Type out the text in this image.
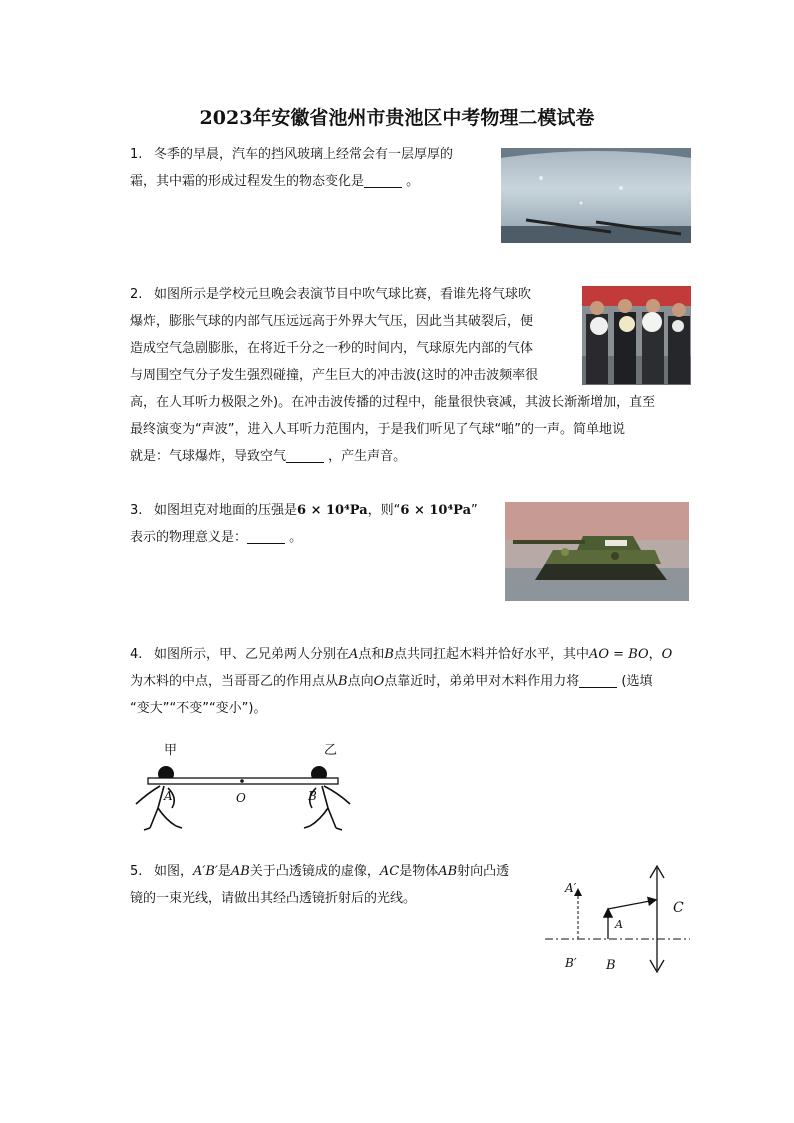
2023年安徽省池州市贵池区中考物理二模试卷
1. 冬季的早晨，汽车的挡风玻璃上经常会有一层厚厚的
霜，其中霜的形成过程发生的物态变化是	。
2. 如图所示是学校元旦晚会表演节目中吹气球比赛，看谁先将气球吹
爆炸，膨胀气球的内部气压远远高于外界大气压，因此当其破裂后，便
造成空气急剧膨胀，在将近千分之一秒的时间内，气球原先内部的气体
与周围空气分子发生强烈碰撞，产生巨大的冲击波(这时的冲击波频率很
高，在人耳听力极限之外)。在冲击波传播的过程中，能量很快衰减，其波长渐渐增加，直至
最终演变为“声波”，进入人耳听力范围内，于是我们听见了气球“啪”的一声。简单地说
就是：气球爆炸，导致空气	，产生声音。
3. 如图坦克对地面的压强是6 × 10⁴Pa，则“6 × 10⁴Pa”
表示的物理意义是：	。
4. 如图所示，甲、乙兄弟两人分别在A点和B点共同扛起木料并恰好水平，其中AO = BO，O
为木料的中点，当哥哥乙的作用点从B点向O点靠近时，弟弟甲对木料作用力将	(选填
“变大”“不变”“变小”)。
甲	乙
A	O	B
5. 如图，A′B′是AB关于凸透镜成的虚像，AC是物体AB射向凸透
镜的一束光线，请做出其经凸透镜折射后的光线。
A′
A
C
B′ B
